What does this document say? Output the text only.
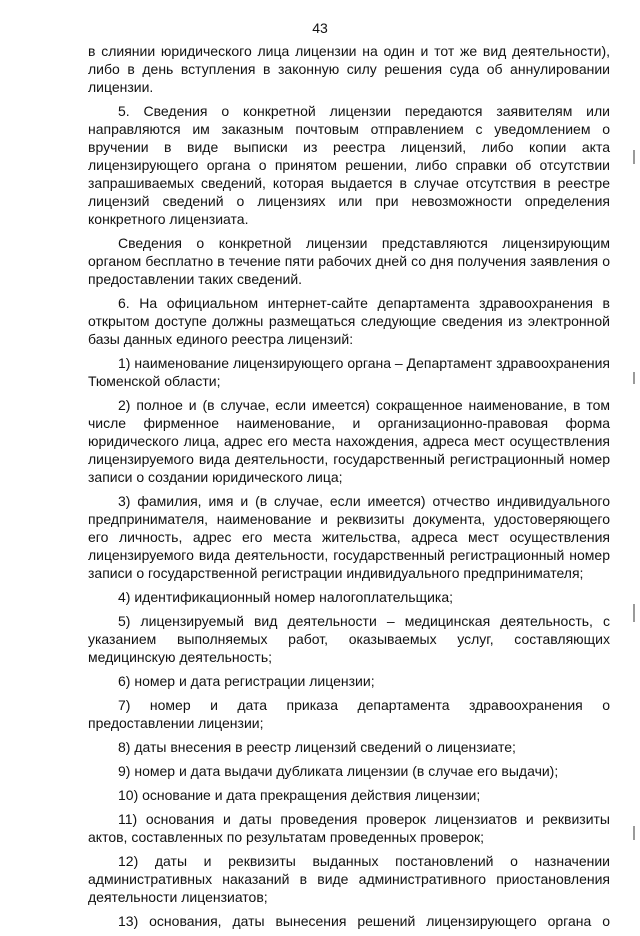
43

в слиянии юридического лица лицензии на один и тот же вид деятельности), либо в день вступления в законную силу решения суда об аннулировании лицензии.

5. Сведения о конкретной лицензии передаются заявителям или направляются им заказным почтовым отправлением с уведомлением о вручении в виде выписки из реестра лицензий, либо копии акта лицензирующего органа о принятом решении, либо справки об отсутствии запрашиваемых сведений, которая выдается в случае отсутствия в реестре лицензий сведений о лицензиях или при невозможности определения конкретного лицензиата.

Сведения о конкретной лицензии представляются лицензирующим органом бесплатно в течение пяти рабочих дней со дня получения заявления о предоставлении таких сведений.

6. На официальном интернет-сайте департамента здравоохранения в открытом доступе должны размещаться следующие сведения из электронной базы данных единого реестра лицензий:

1) наименование лицензирующего органа – Департамент здравоохранения Тюменской области;

2) полное и (в случае, если имеется) сокращенное наименование, в том числе фирменное наименование, и организационно-правовая форма юридического лица, адрес его места нахождения, адреса мест осуществления лицензируемого вида деятельности, государственный регистрационный номер записи о создании юридического лица;

3) фамилия, имя и (в случае, если имеется) отчество индивидуального предпринимателя, наименование и реквизиты документа, удостоверяющего его личность, адрес его места жительства, адреса мест осуществления лицензируемого вида деятельности, государственный регистрационный номер записи о государственной регистрации индивидуального предпринимателя;

4) идентификационный номер налогоплательщика;

5) лицензируемый вид деятельности – медицинская деятельность, с указанием выполняемых работ, оказываемых услуг, составляющих медицинскую деятельность;

6) номер и дата регистрации лицензии;

7) номер и дата приказа департамента здравоохранения о предоставлении лицензии;

8) даты внесения в реестр лицензий сведений о лицензиате;

9) номер и дата выдачи дубликата лицензии (в случае его выдачи);

10) основание и дата прекращения действия лицензии;

11) основания и даты проведения проверок лицензиатов и реквизиты актов, составленных по результатам проведенных проверок;

12) даты и реквизиты выданных постановлений о назначении административных наказаний в виде административного приостановления деятельности лицензиатов;

13) основания, даты вынесения решений лицензирующего органа о
